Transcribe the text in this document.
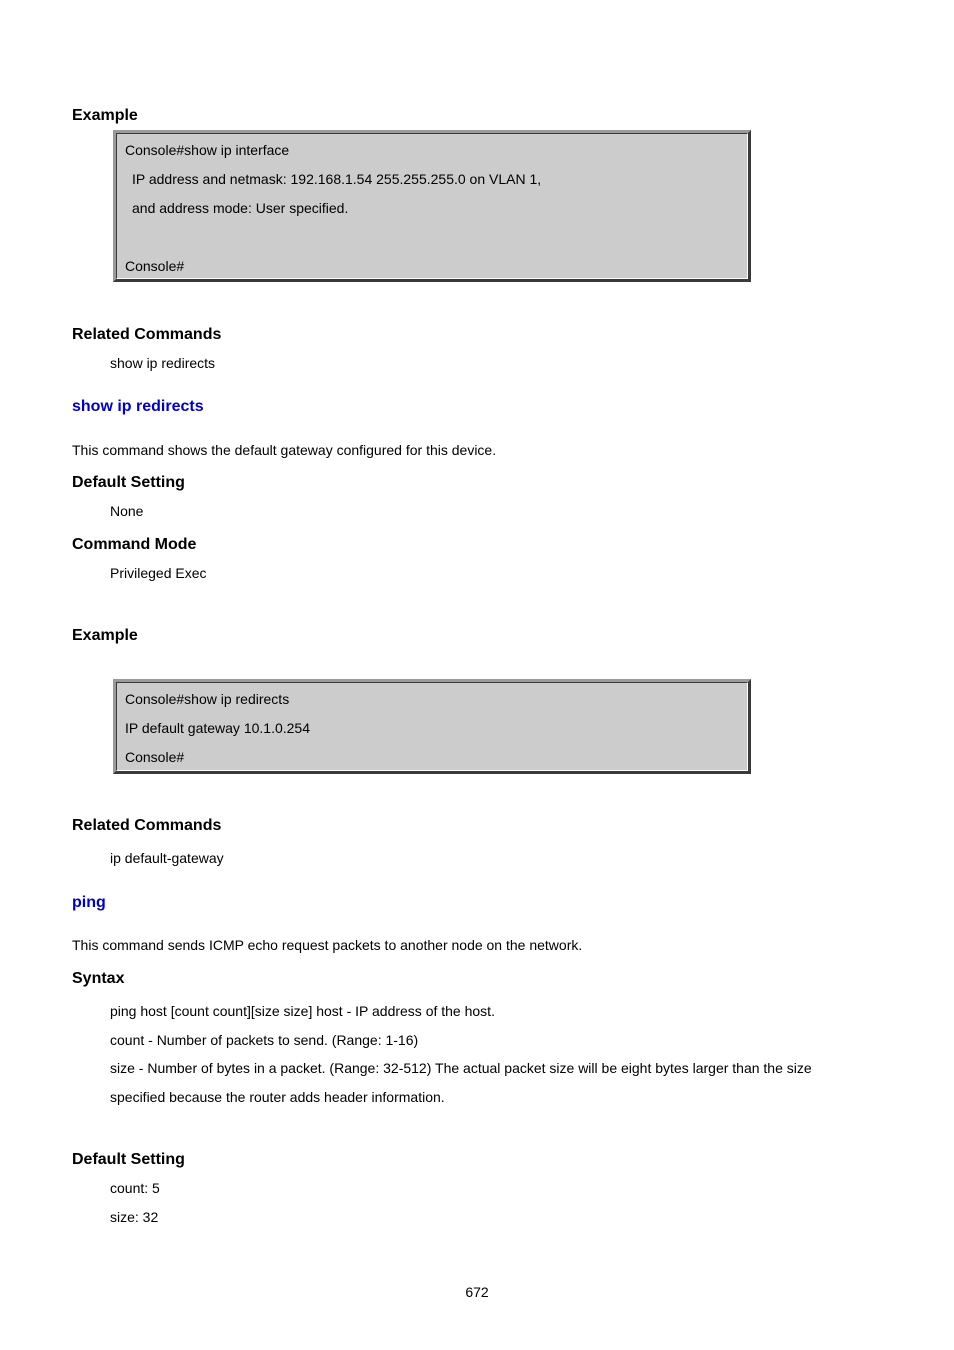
Example
Console#show ip interface
IP address and netmask: 192.168.1.54 255.255.255.0 on VLAN 1,
and address mode: User specified.
Console#
Related Commands
show ip redirects
show ip redirects
This command shows the default gateway configured for this device.
Default Setting
None
Command Mode
Privileged Exec
Example
Console#show ip redirects
IP default gateway 10.1.0.254
Console#
Related Commands
ip default-gateway
ping
This command sends ICMP echo request packets to another node on the network.
Syntax
ping host [count count][size size] host - IP address of the host.
count - Number of packets to send. (Range: 1-16)
size - Number of bytes in a packet. (Range: 32-512) The actual packet size will be eight bytes larger than the size
specified because the router adds header information.
Default Setting
count: 5
size: 32
672
